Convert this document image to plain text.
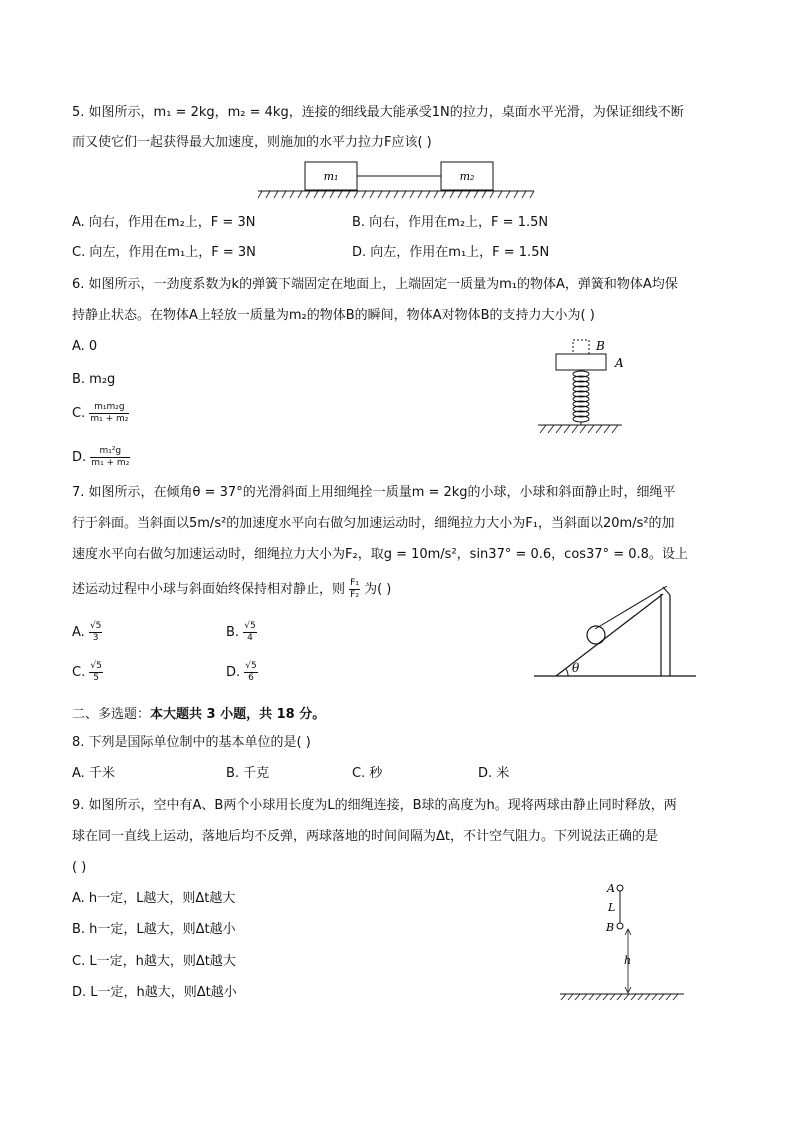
5. 如图所示，m₁ = 2kg，m₂ = 4kg，连接的细线最大能承受1N的拉力，桌面水平光滑，为保证细线不断
而又使它们一起获得最大加速度，则施加的水平力拉力F应该( )
m₁	m₂
A. 向右，作用在m₂上，F = 3N	B. 向右，作用在m₂上，F = 1.5N
C. 向左，作用在m₁上，F = 3N	D. 向左，作用在m₁上，F = 1.5N
6. 如图所示，一劲度系数为k的弹簧下端固定在地面上，上端固定一质量为m₁的物体A，弹簧和物体A均保
持静止状态。在物体A上轻放一质量为m₂的物体B的瞬间，物体A对物体B的支持力大小为( )
A. 0
B. m₂g
C. $\frac{\text{m₁m₂g}}{\text{m₁ + m₂}}$
D. $\frac{\text{m₁²g}}{\text{m₁ + m₂}}$
B
A
7. 如图所示，在倾角θ = 37°的光滑斜面上用细绳拴一质量m = 2kg的小球，小球和斜面静止时，细绳平
行于斜面。当斜面以5m/s²的加速度水平向右做匀加速运动时，细绳拉力大小为F₁，当斜面以20m/s²的加
速度水平向右做匀加速运动时，细绳拉力大小为F₂，取g = 10m/s²，sin37° = 0.6，cos37° = 0.8。设上
述运动过程中小球与斜面始终保持相对静止，则 $\frac{\text{F₁}}{\text{F₂}}$ 为( )
A. $\frac{√5}{3}$	B. $\frac{√5}{4}$
C. $\frac{√5}{5}$	D. $\frac{√5}{6}$	θ
二、多选题：本大题共 3 小题，共 18 分。
8. 下列是国际单位制中的基本单位的是( )
A. 千米	B. 千克	C. 秒	D. 米
9. 如图所示，空中有A、B两个小球用长度为L的细绳连接，B球的高度为h。现将两球由静止同时释放，两
球在同一直线上运动，落地后均不反弹，两球落地的时间间隔为Δt，不计空气阻力。下列说法正确的是
( )
A. h一定，L越大，则Δt越大
B. h一定，L越大，则Δt越小
C. L一定，h越大，则Δt越大
D. L一定，h越大，则Δt越小
A
L
B
h
